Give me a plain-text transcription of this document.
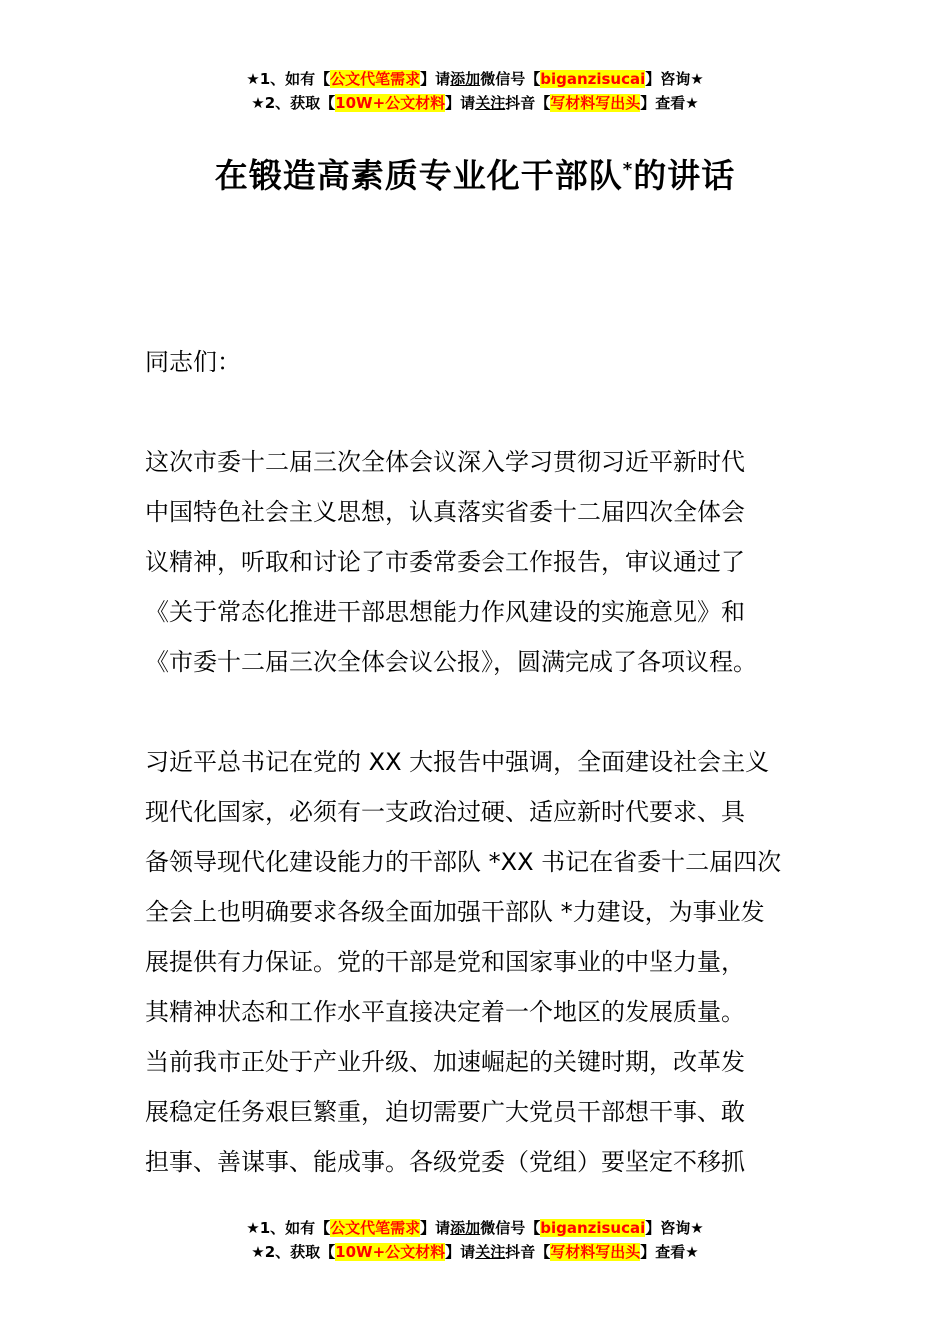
★1、如有【公文代笔需求】请添加微信号【biganzisucai】咨询★
★2、获取【10W+公文材料】请关注抖音【写材料写出头】查看★
在锻造高素质专业化干部队*的讲话
同志们：
这次市委十二届三次全体会议深入学习贯彻习近平新时代
中国特色社会主义思想，认真落实省委十二届四次全体会
议精神，听取和讨论了市委常委会工作报告，审议通过了
《关于常态化推进干部思想能力作风建设的实施意见》和
《市委十二届三次全体会议公报》，圆满完成了各项议程。
习近平总书记在党的 XX 大报告中强调，全面建设社会主义
现代化国家，必须有一支政治过硬、适应新时代要求、具
备领导现代化建设能力的干部队 *XX 书记在省委十二届四次
全会上也明确要求各级全面加强干部队 *力建设，为事业发
展提供有力保证。党的干部是党和国家事业的中坚力量，
其精神状态和工作水平直接决定着一个地区的发展质量。
当前我市正处于产业升级、加速崛起的关键时期，改革发
展稳定任务艰巨繁重，迫切需要广大党员干部想干事、敢
担事、善谋事、能成事。各级党委（党组）要坚定不移抓
★1、如有【公文代笔需求】请添加微信号【biganzisucai】咨询★
★2、获取【10W+公文材料】请关注抖音【写材料写出头】查看★
